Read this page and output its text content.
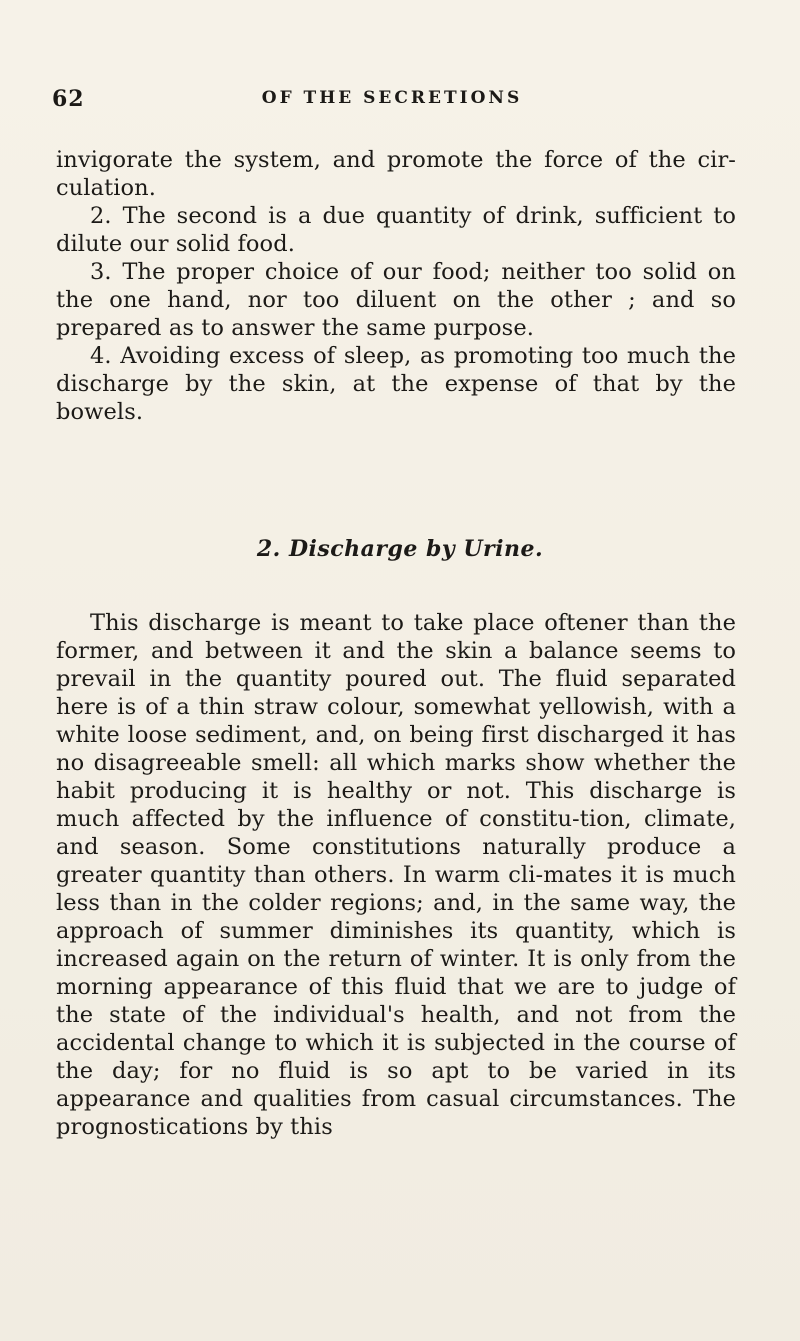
62	OF THE SECRETIONS

invigorate the system, and promote the force of the cir-culation.

2. The second is a due quantity of drink, sufficient to dilute our solid food.

3. The proper choice of our food; neither too solid on the one hand, nor too diluent on the other ; and so prepared as to answer the same purpose.

4. Avoiding excess of sleep, as promoting too much the discharge by the skin, at the expense of that by the bowels.

2. Discharge by Urine.

This discharge is meant to take place oftener than the former, and between it and the skin a balance seems to prevail in the quantity poured out. The fluid separated here is of a thin straw colour, somewhat yellowish, with a white loose sediment, and, on being first discharged it has no disagreeable smell: all which marks show whether the habit producing it is healthy or not. This discharge is much affected by the influence of constitu-tion, climate, and season. Some constitutions naturally produce a greater quantity than others. In warm cli-mates it is much less than in the colder regions; and, in the same way, the approach of summer diminishes its quantity, which is increased again on the return of winter. It is only from the morning appearance of this fluid that we are to judge of the state of the individual's health, and not from the accidental change to which it is subjected in the course of the day; for no fluid is so apt to be varied in its appearance and qualities from casual circumstances. The prognostications by this
